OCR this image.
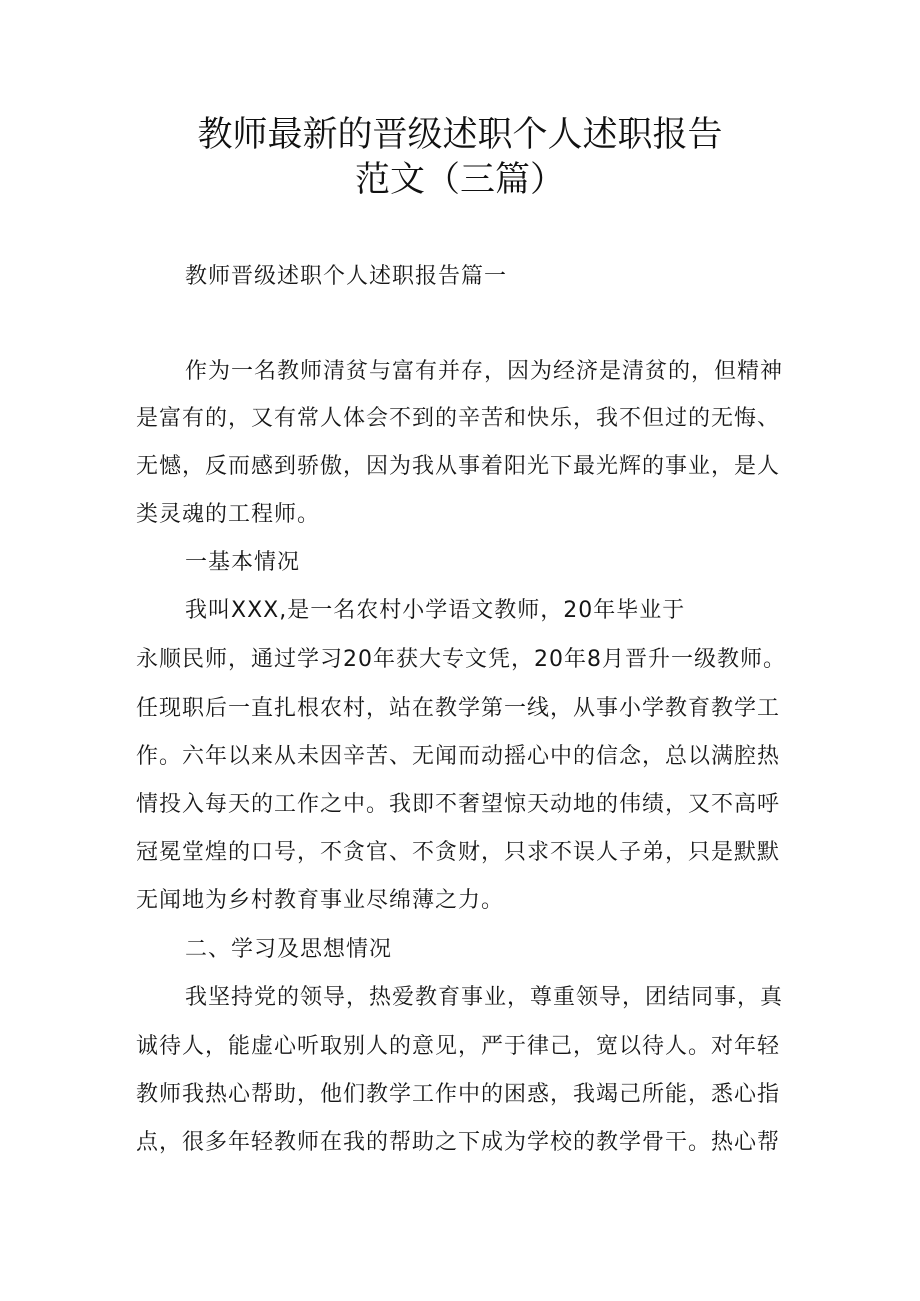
教师最新的晋级述职个人述职报告
范文（三篇）
教师晋级述职个人述职报告篇一
作为一名教师清贫与富有并存，因为经济是清贫的，但精神
是富有的，又有常人体会不到的辛苦和快乐，我不但过的无悔、
无憾，反而感到骄傲，因为我从事着阳光下最光辉的事业，是人
类灵魂的工程师。
一基本情况
我叫XXX,是一名农村小学语文教师，20年毕业于
永顺民师，通过学习20年获大专文凭，20年8月晋升一级教师。
任现职后一直扎根农村，站在教学第一线，从事小学教育教学工
作。六年以来从未因辛苦、无闻而动摇心中的信念，总以满腔热
情投入每天的工作之中。我即不奢望惊天动地的伟绩，又不高呼
冠冕堂煌的口号，不贪官、不贪财，只求不误人子弟，只是默默
无闻地为乡村教育事业尽绵薄之力。
二、学习及思想情况
我坚持党的领导，热爱教育事业，尊重领导，团结同事，真
诚待人，能虚心听取别人的意见，严于律己，宽以待人。对年轻
教师我热心帮助，他们教学工作中的困惑，我竭己所能，悉心指
点，很多年轻教师在我的帮助之下成为学校的教学骨干。热心帮
